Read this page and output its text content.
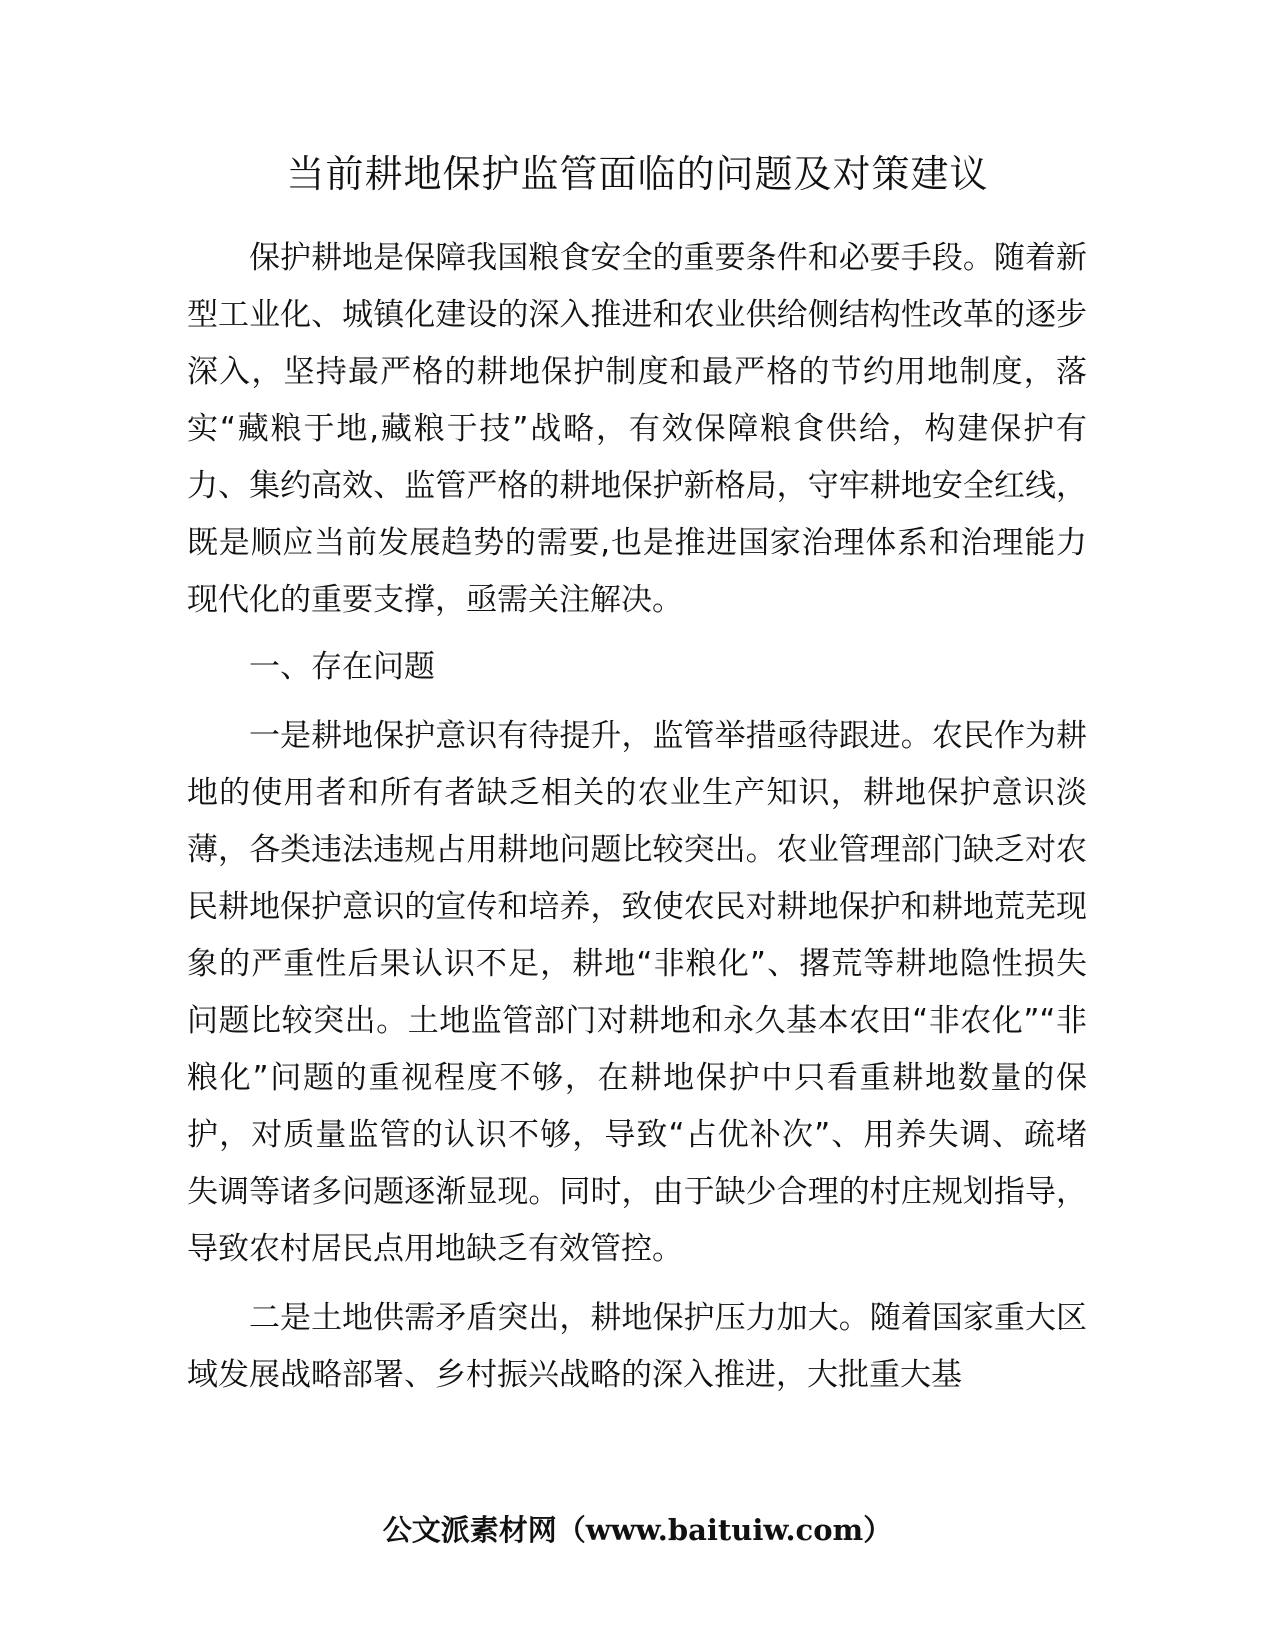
当前耕地保护监管面临的问题及对策建议

保护耕地是保障我国粮食安全的重要条件和必要手段。随着新型工业化、城镇化建设的深入推进和农业供给侧结构性改革的逐步深入，坚持最严格的耕地保护制度和最严格的节约用地制度，落实“藏粮于地,藏粮于技”战略，有效保障粮食供给，构建保护有力、集约高效、监管严格的耕地保护新格局，守牢耕地安全红线，既是顺应当前发展趋势的需要,也是推进国家治理体系和治理能力现代化的重要支撑，亟需关注解决。

一、存在问题

一是耕地保护意识有待提升，监管举措亟待跟进。农民作为耕地的使用者和所有者缺乏相关的农业生产知识，耕地保护意识淡薄，各类违法违规占用耕地问题比较突出。农业管理部门缺乏对农民耕地保护意识的宣传和培养，致使农民对耕地保护和耕地荒芜现象的严重性后果认识不足，耕地“非粮化”、撂荒等耕地隐性损失问题比较突出。土地监管部门对耕地和永久基本农田“非农化”“非粮化”问题的重视程度不够，在耕地保护中只看重耕地数量的保护，对质量监管的认识不够，导致“占优补次”、用养失调、疏堵失调等诸多问题逐渐显现。同时，由于缺少合理的村庄规划指导，导致农村居民点用地缺乏有效管控。

二是土地供需矛盾突出，耕地保护压力加大。随着国家重大区域发展战略部署、乡村振兴战略的深入推进，大批重大基

公文派素材网（www.baituiw.com）
